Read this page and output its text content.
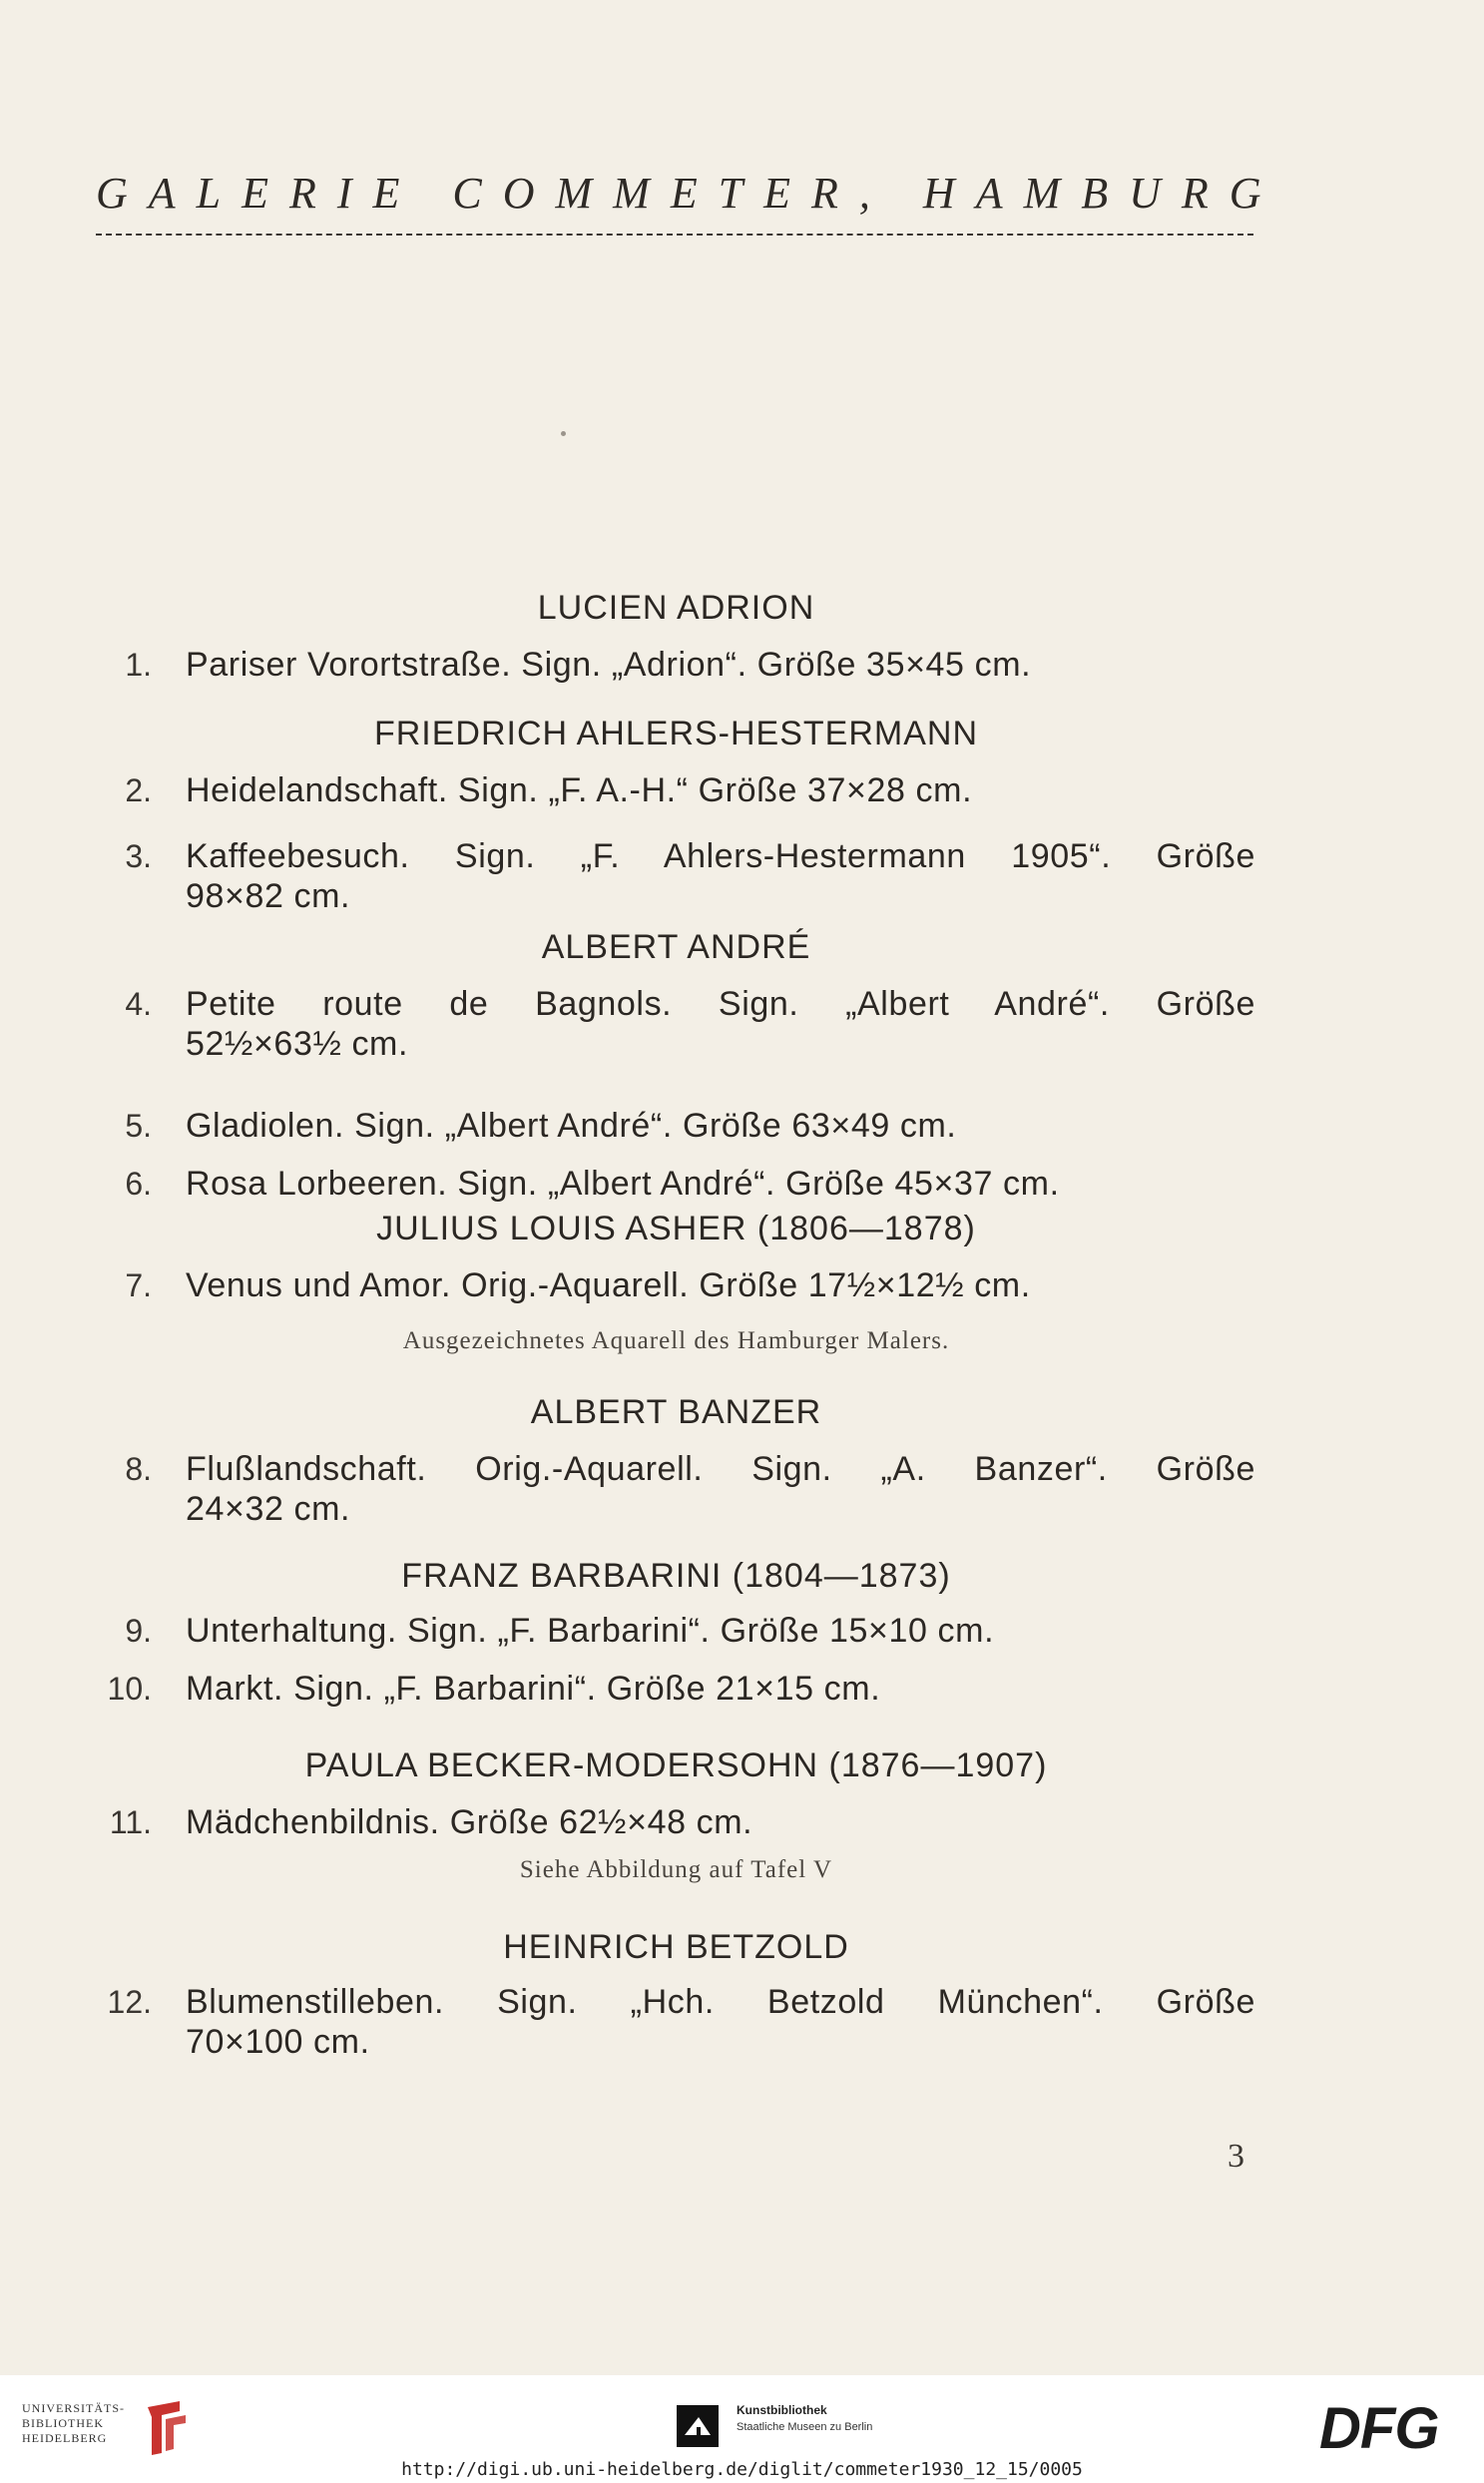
GALERIE COMMETER, HAMBURG
LUCIEN ADRION
1. Pariser Vorortstraße. Sign. „Adrion“. Größe 35×45 cm.
FRIEDRICH AHLERS-HESTERMANN
2. Heidelandschaft. Sign. „F. A.-H.“ Größe 37×28 cm.
3. Kaffeebesuch. Sign. „F. Ahlers-Hestermann 1905“. Größe
98×82 cm.
ALBERT ANDRÉ
4. Petite route de Bagnols. Sign. „Albert André“. Größe
52½×63½ cm.
5. Gladiolen. Sign. „Albert André“. Größe 63×49 cm.
6. Rosa Lorbeeren. Sign. „Albert André“. Größe 45×37 cm.
JULIUS LOUIS ASHER (1806—1878)
7. Venus und Amor. Orig.-Aquarell. Größe 17½×12½ cm.
Ausgezeichnetes Aquarell des Hamburger Malers.
ALBERT BANZER
8. Flußlandschaft. Orig.-Aquarell. Sign. „A. Banzer“. Größe
24×32 cm.
FRANZ BARBARINI (1804—1873)
9. Unterhaltung. Sign. „F. Barbarini“. Größe 15×10 cm.
10. Markt. Sign. „F. Barbarini“. Größe 21×15 cm.
PAULA BECKER-MODERSOHN (1876—1907)
11. Mädchenbildnis. Größe 62½×48 cm.
Siehe Abbildung auf Tafel V
HEINRICH BETZOLD
12. Blumenstilleben. Sign. „Hch. Betzold München“. Größe
70×100 cm.
3
UNIVERSITÄTS-
BIBLIOTHEK
HEIDELBERG
Kunstbibliothek
Staatliche Museen zu Berlin	DFG
http://digi.ub.uni-heidelberg.de/diglit/commeter1930_12_15/0005
